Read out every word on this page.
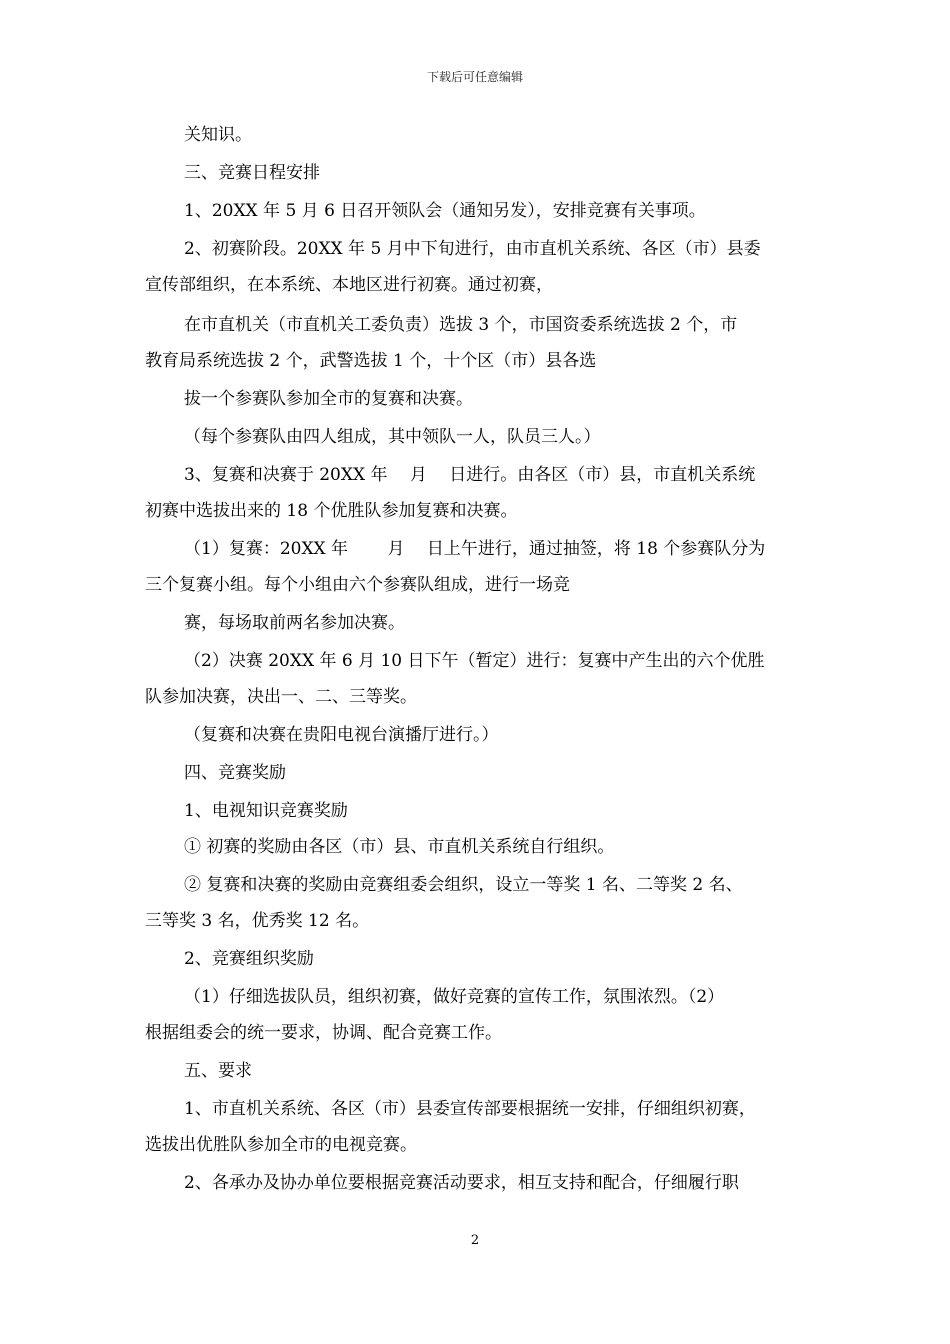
下载后可任意编辑
关知识。
三、竞赛日程安排
1、20XX 年 5 月 6 日召开领队会（通知另发），安排竞赛有关事项。
2、初赛阶段。20XX 年 5 月中下旬进行，由市直机关系统、各区（市）县委
宣传部组织，在本系统、本地区进行初赛。通过初赛，
在市直机关（市直机关工委负责）选拔 3 个，市国资委系统选拔 2 个，市
教育局系统选拔 2 个，武警选拔 1 个，十个区（市）县各选
拔一个参赛队参加全市的复赛和决赛。
（每个参赛队由四人组成，其中领队一人，队员三人。）
3、复赛和决赛于 20XX 年　 月　 日进行。由各区（市）县，市直机关系统
初赛中选拔出来的 18 个优胜队参加复赛和决赛。
（1）复赛：20XX 年　　 月　 日上午进行，通过抽签，将 18 个参赛队分为
三个复赛小组。每个小组由六个参赛队组成，进行一场竞
赛，每场取前两名参加决赛。
（2）决赛 20XX 年 6 月 10 日下午（暂定）进行：复赛中产生出的六个优胜
队参加决赛，决出一、二、三等奖。
（复赛和决赛在贵阳电视台演播厅进行。）
四、竞赛奖励
1、电视知识竞赛奖励
① 初赛的奖励由各区（市）县、市直机关系统自行组织。
② 复赛和决赛的奖励由竞赛组委会组织，设立一等奖 1 名、二等奖 2 名、
三等奖 3 名，优秀奖 12 名。
2、竞赛组织奖励
（1）仔细选拔队员，组织初赛，做好竞赛的宣传工作，氛围浓烈。（2）
根据组委会的统一要求，协调、配合竞赛工作。
五、要求
1、市直机关系统、各区（市）县委宣传部要根据统一安排，仔细组织初赛，
选拔出优胜队参加全市的电视竞赛。
2、各承办及协办单位要根据竞赛活动要求，相互支持和配合，仔细履行职
2
